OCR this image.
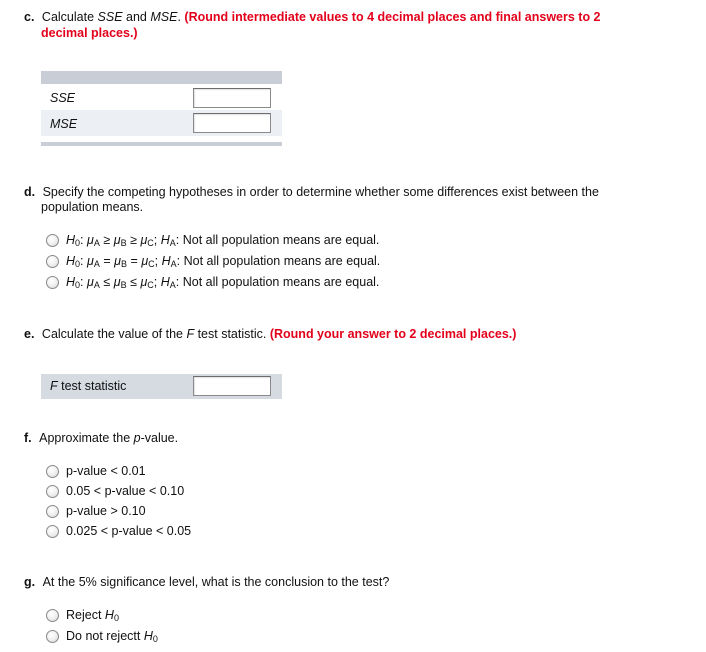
c. Calculate SSE and MSE. (Round intermediate values to 4 decimal places and final answers to 2
decimal places.)
SSE
MSE
d. Specify the competing hypotheses in order to determine whether some differences exist between the
population means.
$H_0$: $\mu_A \ge \mu_B \ge \mu_C$; $H_A$: Not all population means are equal.
$H_0$: $\mu_A = \mu_B = \mu_C$; $H_A$: Not all population means are equal.
$H_0$: $\mu_A \le \mu_B \le \mu_C$; $H_A$: Not all population means are equal.
e. Calculate the value of the F test statistic. (Round your answer to 2 decimal places.)
F test statistic
f. Approximate the p-value.
p-value < 0.01
0.05 < p-value < 0.10
p-value > 0.10
0.025 < p-value < 0.05
g. At the 5% significance level, what is the conclusion to the test?
Reject $H_0$
Do not rejectt $H_0$
